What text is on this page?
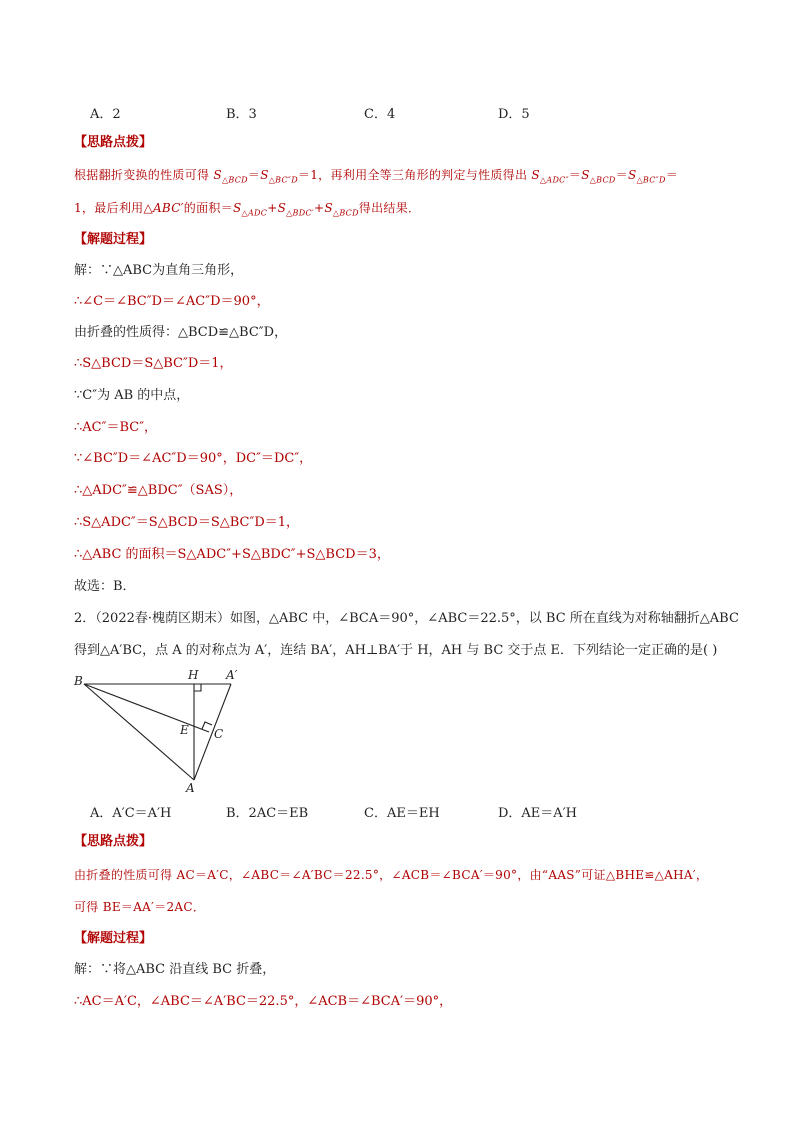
A．2	B．3	C．4	D．5
【思路点拨】
根据翻折变换的性质可得 $S_{\triangle BCD}=S_{\triangle BC''D}=1$，再利用全等三角形的判定与性质得出 $S_{\triangle ADC''}=S_{\triangle BCD}=S_{\triangle BC''D}=$
1，最后利用△ABC′的面积$=S_{\triangle ADC}+S_{\triangle BDC'}+S_{\triangle BCD}$得出结果．
【解题过程】
解：∵△ABC为直角三角形，
∴∠C＝∠BC″D＝∠AC″D＝90°，
由折叠的性质得：△BCD≌△BC″D，
∴S△BCD＝S△BC″D＝1，
∵C″为 AB 的中点，
∴AC″＝BC″，
∵∠BC″D＝∠AC″D＝90°，DC″＝DC″，
∴△ADC″≌△BDC″（SAS），
∴S△ADC″＝S△BCD＝S△BC″D＝1，
∴△ABC 的面积＝S△ADC″+S△BDC″+S△BCD＝3，
故选：B．
2．（2022春·槐荫区期末）如图，△ABC 中，∠BCA＝90°，∠ABC＝22.5°，以 BC 所在直线为对称轴翻折△ABC
得到△A′BC，点 A 的对称点为 A′，连结 BA′，AH⊥BA′于 H，AH 与 BC 交于点 E．下列结论一定正确的是( )
B	H A′
E C
A
A．A′C＝A′H	B．2AC＝EB	C．AE＝EH	D．AE＝A′H
【思路点拨】
由折叠的性质可得 AC＝A′C，∠ABC＝∠A′BC＝22.5°，∠ACB＝∠BCA′＝90°，由“AAS”可证△BHE≌△AHA′，
可得 BE＝AA′＝2AC．
【解题过程】
解：∵将△ABC 沿直线 BC 折叠，
∴AC＝A′C，∠ABC＝∠A′BC＝22.5°，∠ACB＝∠BCA′＝90°，
